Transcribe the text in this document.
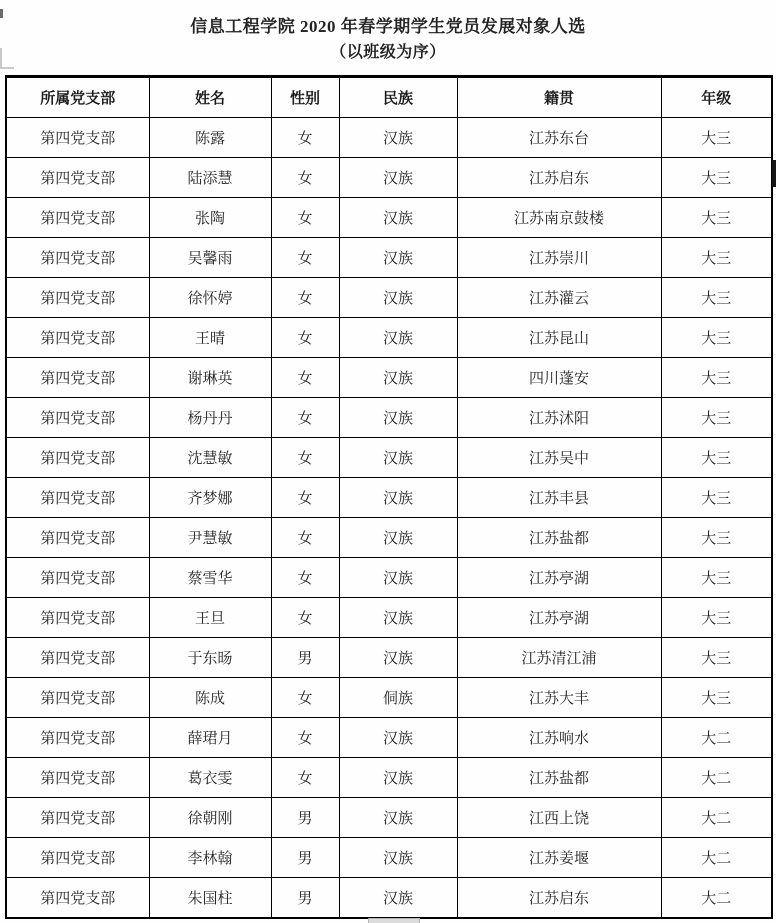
信息工程学院 2020 年春学期学生党员发展对象人选
（以班级为序）
所属党支部	姓名	性别	民族	籍贯	年级
第四党支部	陈露	女	汉族	江苏东台	大三
第四党支部	陆添慧	女	汉族	江苏启东	大三
第四党支部	张陶	女	汉族	江苏南京鼓楼	大三
第四党支部	吴馨雨	女	汉族	江苏崇川	大三
第四党支部	徐怀婷	女	汉族	江苏灌云	大三
第四党支部	王晴	女	汉族	江苏昆山	大三
第四党支部	谢琳英	女	汉族	四川蓬安	大三
第四党支部	杨丹丹	女	汉族	江苏沭阳	大三
第四党支部	沈慧敏	女	汉族	江苏吴中	大三
第四党支部	齐梦娜	女	汉族	江苏丰县	大三
第四党支部	尹慧敏	女	汉族	江苏盐都	大三
第四党支部	蔡雪华	女	汉族	江苏亭湖	大三
第四党支部	王旦	女	汉族	江苏亭湖	大三
第四党支部	于东旸	男	汉族	江苏清江浦	大三
第四党支部	陈成	女	侗族	江苏大丰	大三
第四党支部	薛珺月	女	汉族	江苏响水	大二
第四党支部	葛衣雯	女	汉族	江苏盐都	大二
第四党支部	徐朝刚	男	汉族	江西上饶	大二
第四党支部	李林翰	男	汉族	江苏姜堰	大二
第四党支部	朱国柱	男	汉族	江苏启东	大二
